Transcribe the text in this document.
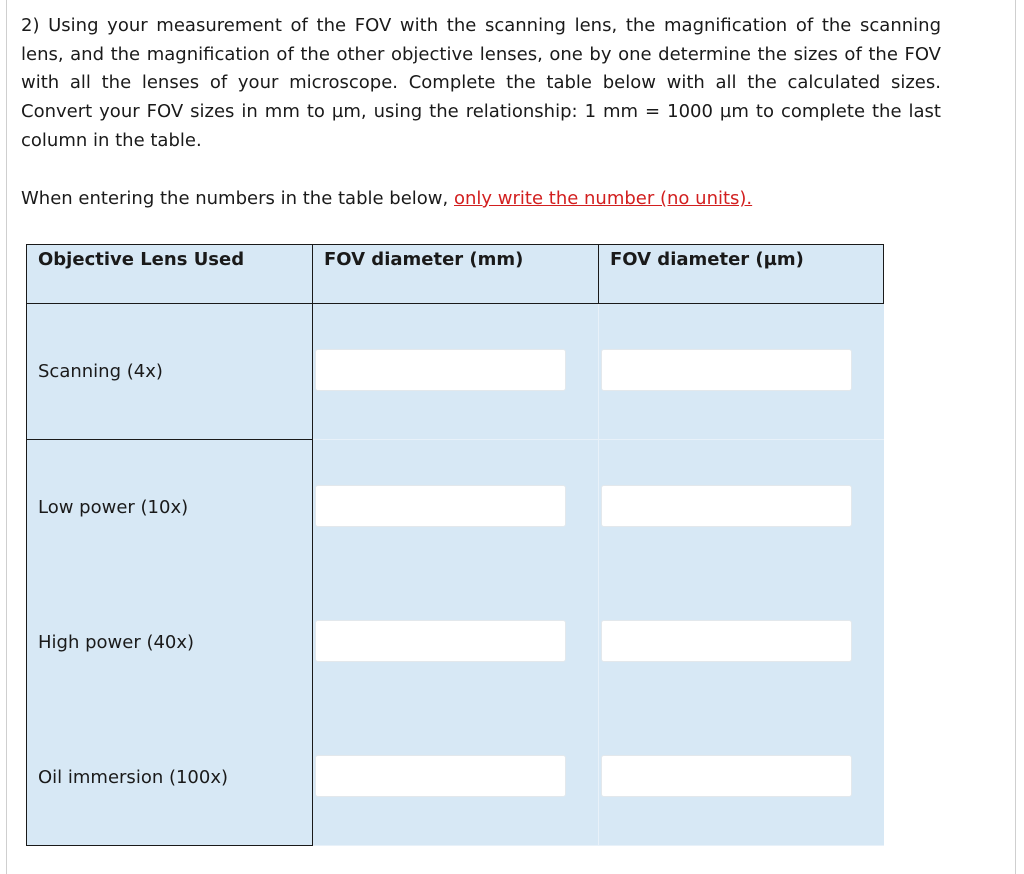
2) Using your measurement of the FOV with the scanning lens, the magnification of the scanning lens, and the magnification of the other objective lenses, one by one determine the sizes of the FOV with all the lenses of your microscope. Complete the table below with all the calculated sizes. Convert your FOV sizes in mm to µm, using the relationship: 1 mm = 1000 µm to complete the last column in the table.

When entering the numbers in the table below, only write the number (no units).

Objective Lens Used	FOV diameter (mm)	FOV diameter (µm)
Scanning (4x)
Low power (10x)
High power (40x)
Oil immersion (100x)
